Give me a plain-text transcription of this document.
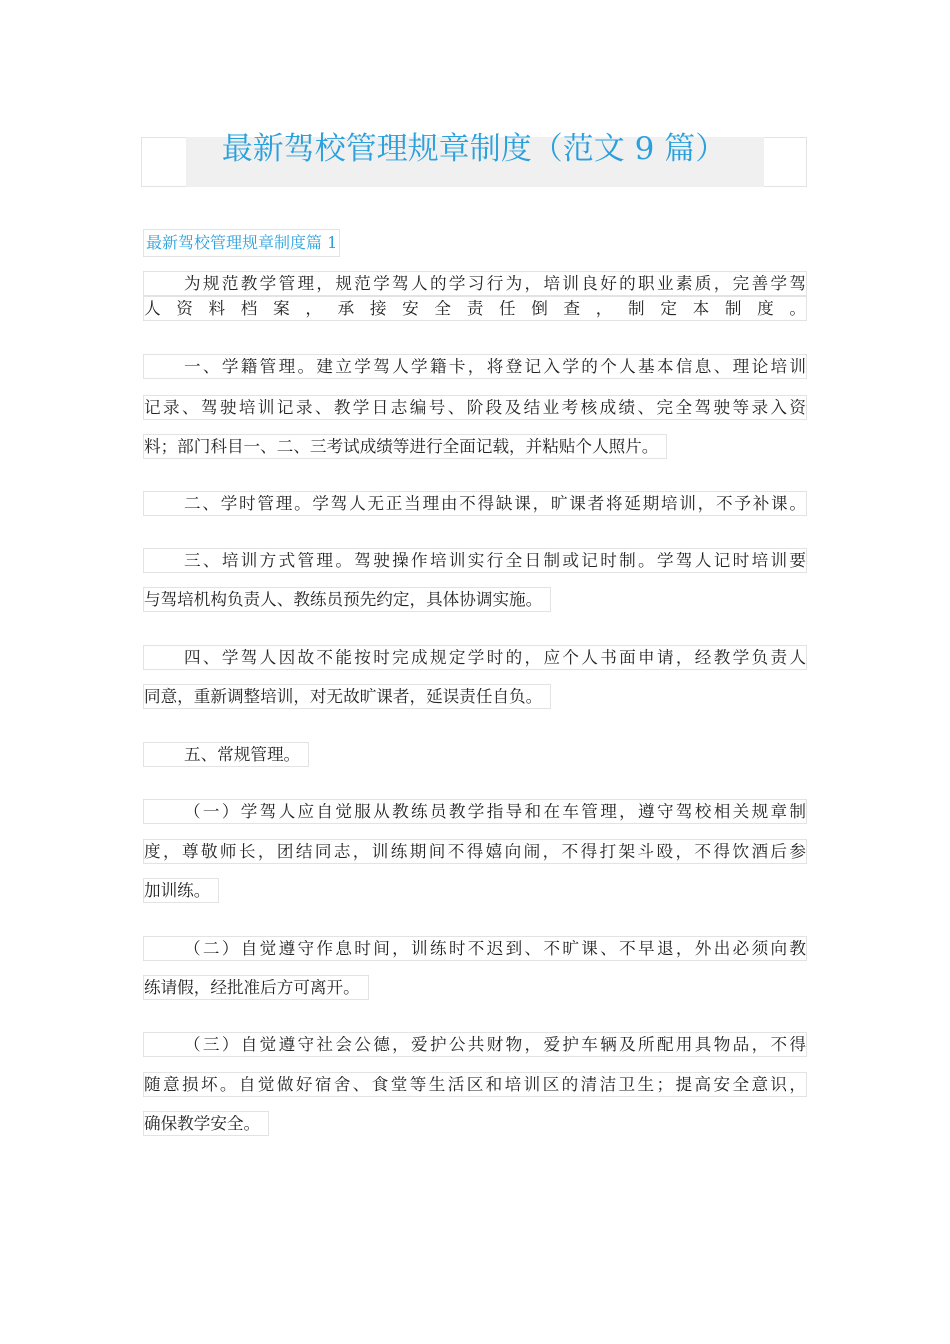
最新驾校管理规章制度（范文 9 篇）
最新驾校管理规章制度篇 1
为规范教学管理，规范学驾人的学习行为，培训良好的职业素质，完善学驾
人资料档案，承接安全责任倒查，制定本制度。
一、学籍管理。建立学驾人学籍卡，将登记入学的个人基本信息、理论培训
记录、驾驶培训记录、教学日志编号、阶段及结业考核成绩、完全驾驶等录入资
料；部门科目一、二、三考试成绩等进行全面记载，并粘贴个人照片。
二、学时管理。学驾人无正当理由不得缺课，旷课者将延期培训，不予补课。
三、培训方式管理。驾驶操作培训实行全日制或记时制。学驾人记时培训要
与驾培机构负责人、教练员预先约定，具体协调实施。
四、学驾人因故不能按时完成规定学时的，应个人书面申请，经教学负责人
同意，重新调整培训，对无故旷课者，延误责任自负。
五、常规管理。
（一）学驾人应自觉服从教练员教学指导和在车管理，遵守驾校相关规章制
度，尊敬师长，团结同志，训练期间不得嬉向闹，不得打架斗殴，不得饮酒后参
加训练。
（二）自觉遵守作息时间，训练时不迟到、不旷课、不早退，外出必须向教
练请假，经批准后方可离开。
（三）自觉遵守社会公德，爱护公共财物，爱护车辆及所配用具物品，不得
随意损坏。自觉做好宿舍、食堂等生活区和培训区的清洁卫生；提高安全意识，
确保教学安全。
